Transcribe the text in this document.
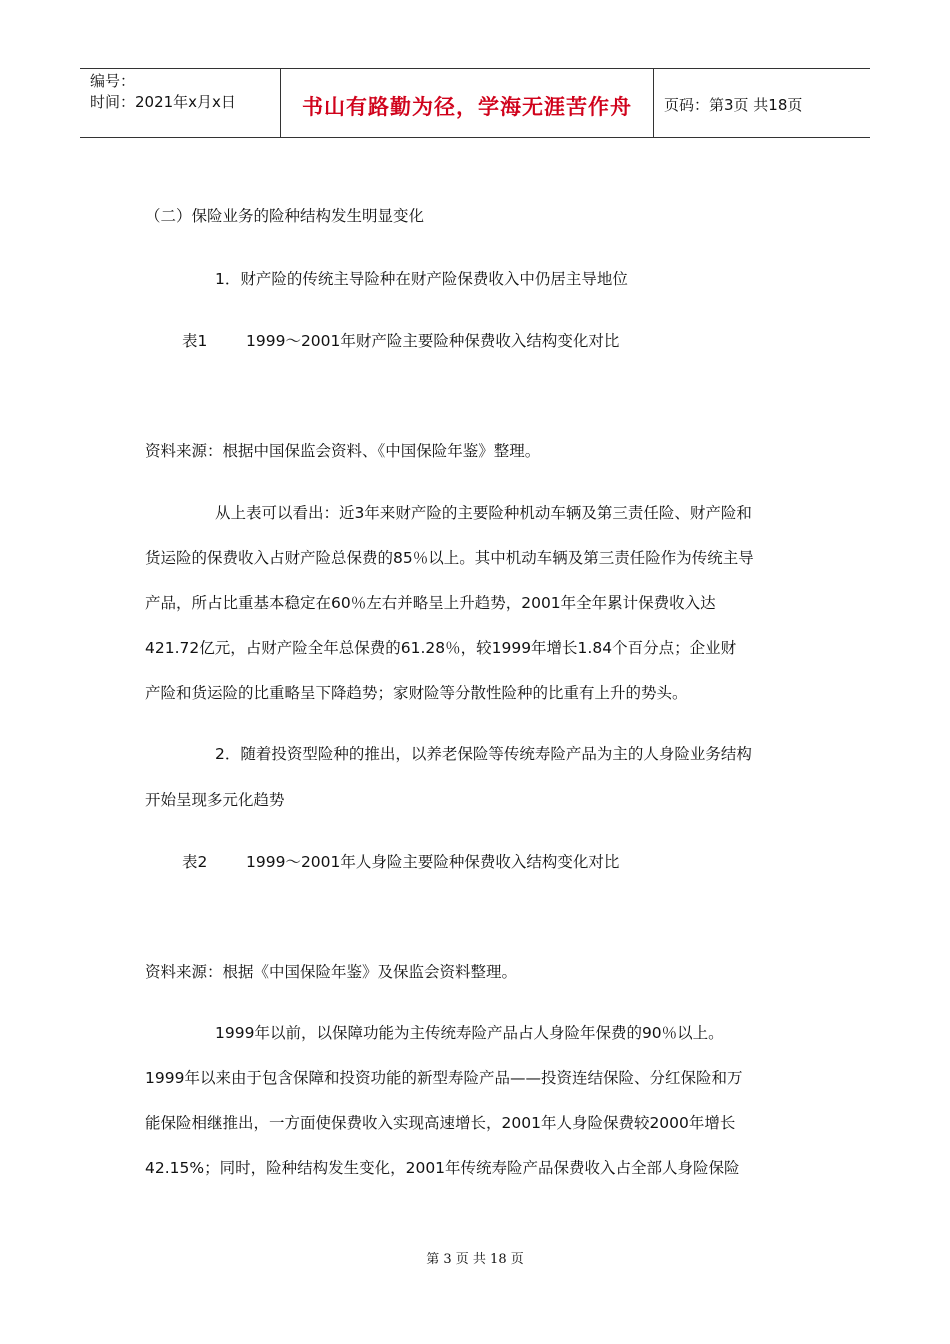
编号：
时间：2021年x月x日	书山有路勤为径，学海无涯苦作舟	页码：第3页 共18页
（二）保险业务的险种结构发生明显变化
1．财产险的传统主导险种在财产险保费收入中仍居主导地位
表1 1999～2001年财产险主要险种保费收入结构变化对比
资料来源：根据中国保监会资料、《中国保险年鉴》整理。
从上表可以看出：近3年来财产险的主要险种机动车辆及第三责任险、财产险和
货运险的保费收入占财产险总保费的85％以上。其中机动车辆及第三责任险作为传统主导
产品，所占比重基本稳定在60％左右并略呈上升趋势，2001年全年累计保费收入达
421.72亿元，占财产险全年总保费的61.28％，较1999年增长1.84个百分点；企业财
产险和货运险的比重略呈下降趋势；家财险等分散性险种的比重有上升的势头。
2．随着投资型险种的推出，以养老保险等传统寿险产品为主的人身险业务结构
开始呈现多元化趋势
表2 1999～2001年人身险主要险种保费收入结构变化对比
资料来源：根据《中国保险年鉴》及保监会资料整理。
1999年以前，以保障功能为主传统寿险产品占人身险年保费的90％以上。
1999年以来由于包含保障和投资功能的新型寿险产品——投资连结保险、分红保险和万
能保险相继推出，一方面使保费收入实现高速增长，2001年人身险保费较2000年增长
42.15%；同时，险种结构发生变化，2001年传统寿险产品保费收入占全部人身险保险
第 3 页 共 18 页
